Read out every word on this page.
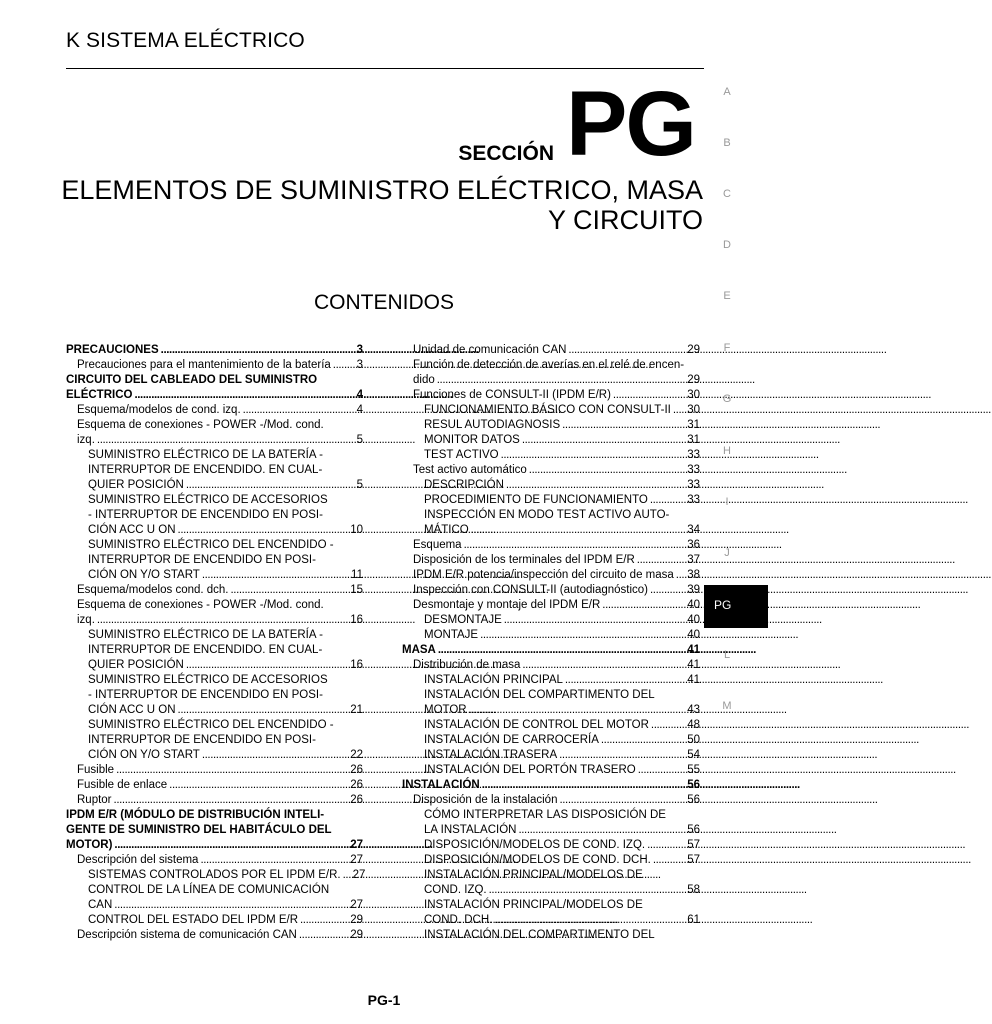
K SISTEMA ELÉCTRICO
SECCIÓN PG
ELEMENTOS DE SUMINISTRO ELÉCTRICO, MASA
Y CIRCUITO
CONTENIDOS
PRECAUCIONES . . .	3
Precauciones para el mantenimiento de la batería . . . 3
CIRCUITO DEL CABLEADO DEL SUMINISTRO
ELÉCTRICO . . .	4
Esquema/modelos de cond. izq. . . .	4
Esquema de conexiones - POWER -/Mod. cond.
izq. . . .	5
SUMINISTRO ELÉCTRICO DE LA BATERÍA -
INTERRUPTOR DE ENCENDIDO. EN CUAL-
QUIER POSICIÓN . . .	5
SUMINISTRO ELÉCTRICO DE ACCESORIOS
- INTERRUPTOR DE ENCENDIDO EN POSI-
CIÓN ACC U ON . . .	10
SUMINISTRO ELÉCTRICO DEL ENCENDIDO -
INTERRUPTOR DE ENCENDIDO EN POSI-
CIÓN ON Y/O START . . .	11
Esquema/modelos cond. dch. . . .	15
Esquema de conexiones - POWER -/Mod. cond.
izq. . . .	16
SUMINISTRO ELÉCTRICO DE LA BATERÍA -
INTERRUPTOR DE ENCENDIDO. EN CUAL-
QUIER POSICIÓN . . .	16
SUMINISTRO ELÉCTRICO DE ACCESORIOS
- INTERRUPTOR DE ENCENDIDO EN POSI-
CIÓN ACC U ON . . .	21
SUMINISTRO ELÉCTRICO DEL ENCENDIDO -
INTERRUPTOR DE ENCENDIDO EN POSI-
CIÓN ON Y/O START . . .	22
Fusible . . .	26
Fusible de enlace . . .	26
Ruptor . . .	26
IPDM E/R (MÓDULO DE DISTRIBUCIÓN INTELI-
GENTE DE SUMINISTRO DEL HABITÁCULO DEL
MOTOR) . . .	27
Descripción del sistema . . .	27
SISTEMAS CONTROLADOS POR EL IPDM E/R. . . . 27
CONTROL DE LA LÍNEA DE COMUNICACIÓN
CAN . . .	27
CONTROL DEL ESTADO DEL IPDM E/R . . .	29
Descripción sistema de comunicación CAN . . .	29
Unidad de comunicación CAN . . .	29
Función de detección de averías en el relé de encen-
dido . . .	29
Funciones de CONSULT-II (IPDM E/R) . . .	30
FUNCIONAMIENTO BÁSICO CON CONSULT-II . . . 30
RESUL AUTODIAGNOSIS . . .	31
MONITOR DATOS . . .	31
TEST ACTIVO . . .	33
Test activo automático . . .	33
DESCRIPCIÓN . . .	33
PROCEDIMIENTO DE FUNCIONAMIENTO . . .	33
INSPECCIÓN EN MODO TEST ACTIVO AUTO-
MÁTICO . . .	34
Esquema . . .	36
Disposición de los terminales del IPDM E/R . . .	37
IPDM E/R potencia/inspección del circuito de masa . . . 38
Inspección con CONSULT-II (autodiagnóstico) . . .	39
Desmontaje y montaje del IPDM E/R . . .	40
DESMONTAJE . . .	40
MONTAJE . . .	40
MASA . . .	41
Distribución de masa . . .	41
INSTALACIÓN PRINCIPAL . . .	41
INSTALACIÓN DEL COMPARTIMENTO DEL
MOTOR . . .	43
INSTALACIÓN DE CONTROL DEL MOTOR . . .	48
INSTALACIÓN DE CARROCERÍA . . .	50
INSTALACIÓN TRASERA . . .	54
INSTALACIÓN DEL PORTÓN TRASERO . . .	55
INSTALACIÓN . . .	56
Disposición de la instalación . . .	56
CÓMO INTERPRETAR LAS DISPOSICIÓN DE
LA INSTALACIÓN . . .	56
DISPOSICIÓN/MODELOS DE COND. IZQ. . . .	57
DISPOSICIÓN/MODELOS DE COND. DCH. . . .	57
INSTALACIÓN PRINCIPAL/MODELOS DE
COND. IZQ. . . .	58
INSTALACIÓN PRINCIPAL/MODELOS DE
COND. DCH. . . .	61
INSTALACIÓN DEL COMPARTIMENTO DEL
A
B
C
D
E
F
G
H
I
J
L
M
PG
PG-1
